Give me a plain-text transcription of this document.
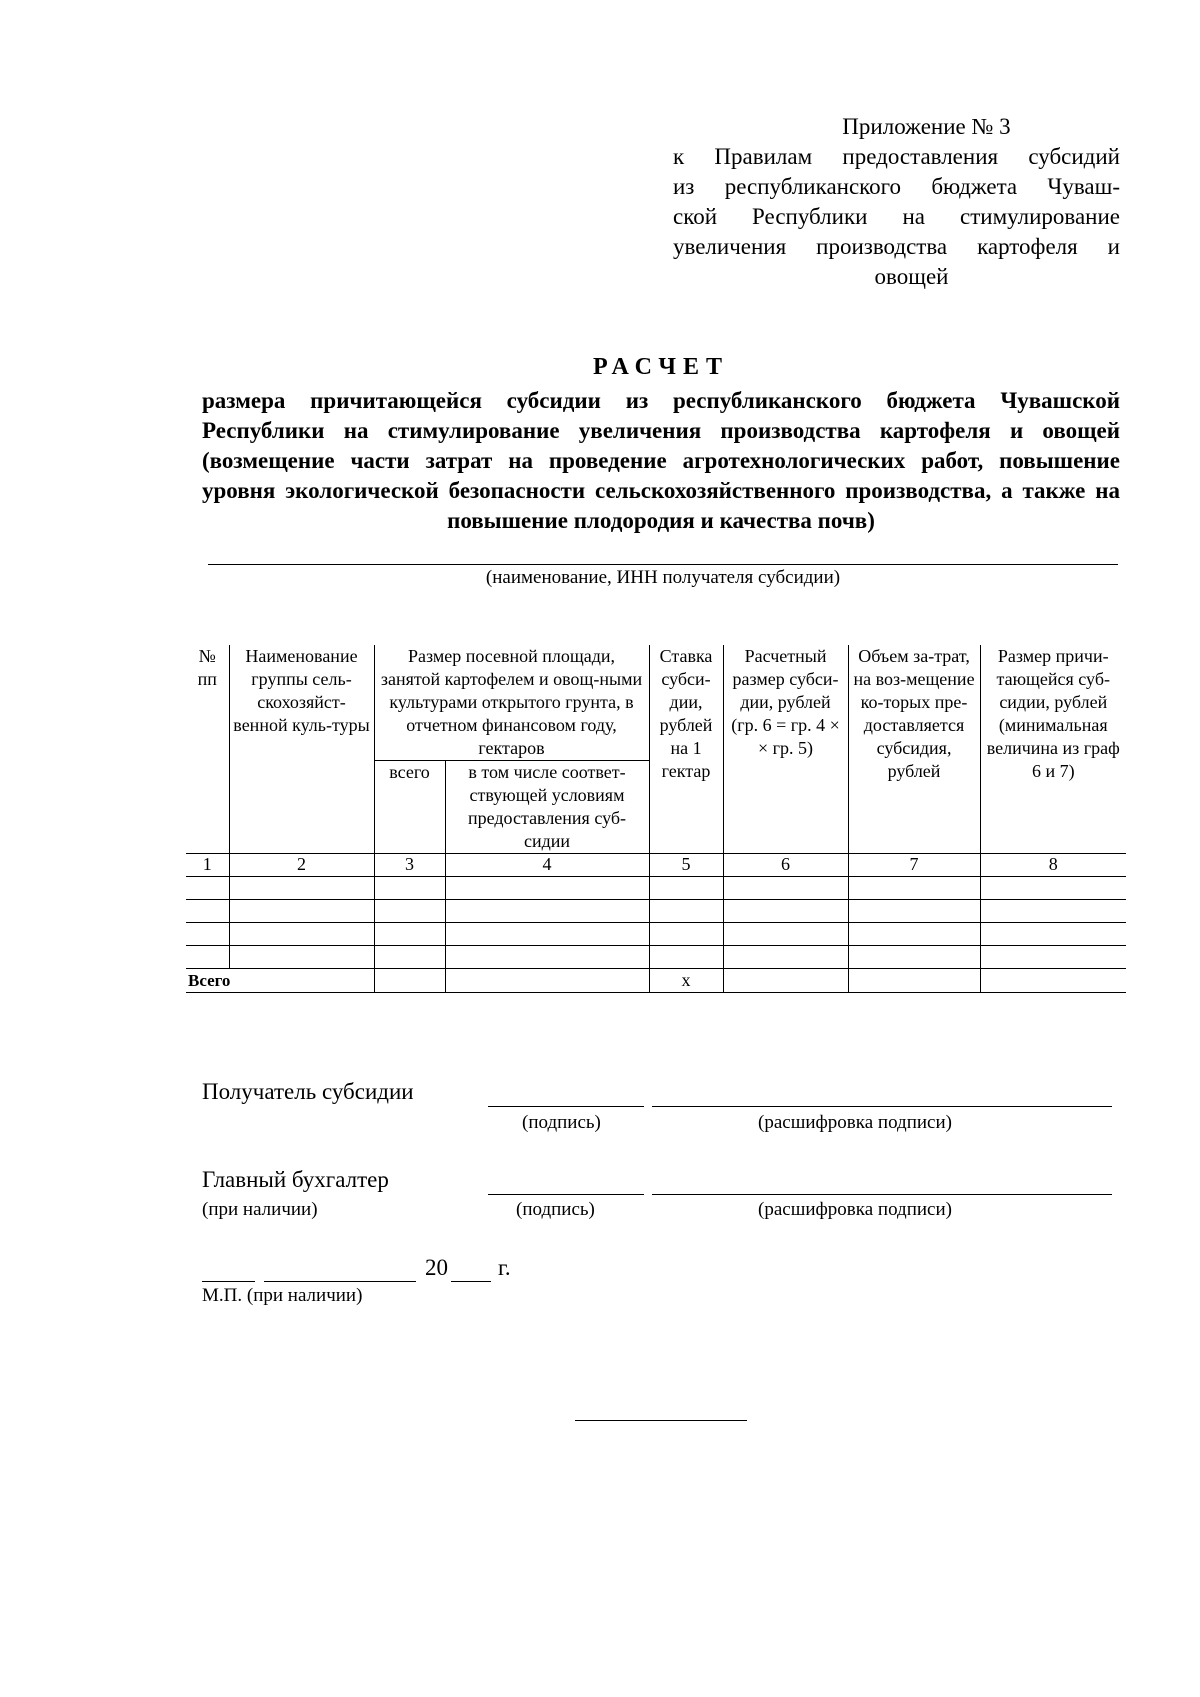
Приложение № 3
к Правилам предоставления субсидий
из республиканского бюджета Чуваш-
ской Республики на стимулирование
увеличения производства картофеля и
овощей
РАСЧЕТ
размера причитающейся субсидии из республиканского бюджета Чувашской Республики на стимулирование увеличения производства картофеля и овощей (возмещение части затрат на проведение агротехнологических работ, повышение уровня экологической безопасности сельскохозяйственного производства, а также на повышение плодородия и качества почв)
(наименование, ИНН получателя субсидии)
№ пп	Наименование группы сель-скохозяйст-венной куль-туры	Размер посевной площади, занятой картофелем и овощ-ными культурами открытого грунта, в отчетном финансовом году, гектаров		Ставка субси-дии, рублей на 1 гектар	Расчетный размер субси-дии, рублей (гр. 6 = гр. 4 × × гр. 5)	Объем за-трат, на воз-мещение ко-торых пре-доставляется субсидия, рублей	Размер причи-тающейся суб-сидии, рублей (минимальная величина из граф 6 и 7)
		всего	в том числе соответ-ствующей условиям предоставления суб-сидии				
1	2	3	4	5	6	7	8

Всего				x			
Получатель субсидии
(подпись)	(расшифровка подписи)
Главный бухгалтер
(при наличии)	(подпись)	(расшифровка подписи)
20 г.
М.П. (при наличии)
